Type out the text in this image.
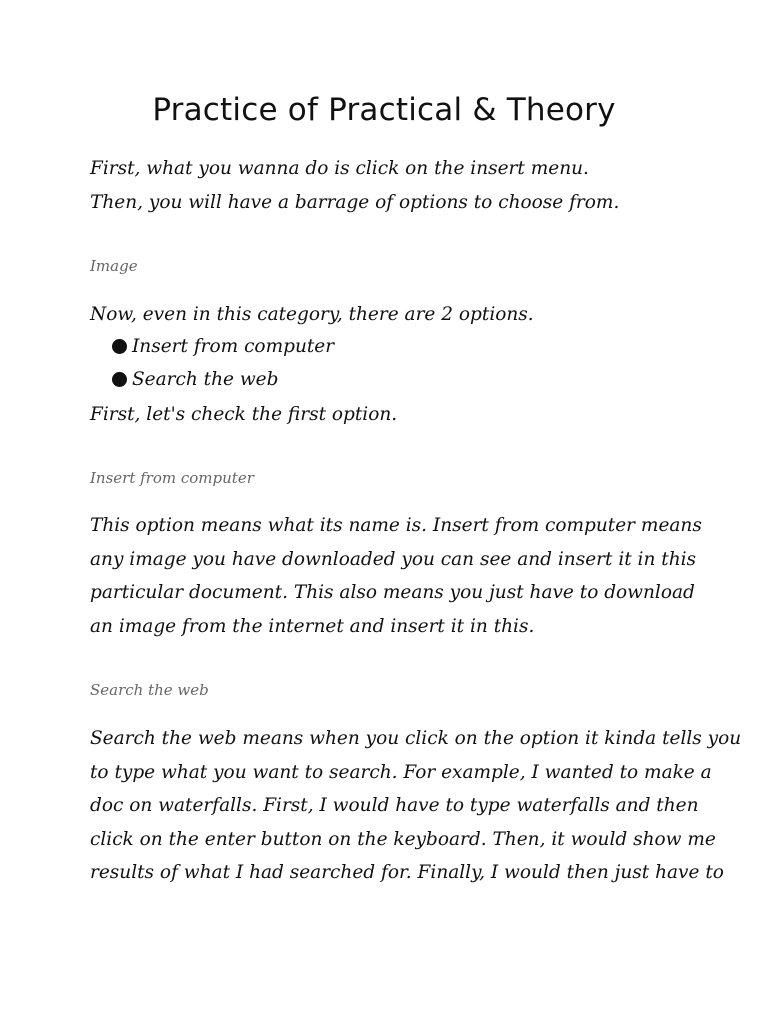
Practice of Practical & Theory
First, what you wanna do is click on the insert menu.
Then, you will have a barrage of options to choose from.
Image
Now, even in this category, there are 2 options.
Insert from computer
Search the web
First, let's check the first option.
Insert from computer
This option means what its name is. Insert from computer means
any image you have downloaded you can see and insert it in this
particular document. This also means you just have to download
an image from the internet and insert it in this.
Search the web
Search the web means when you click on the option it kinda tells you
to type what you want to search. For example, I wanted to make a
doc on waterfalls. First, I would have to type waterfalls and then
click on the enter button on the keyboard. Then, it would show me
results of what I had searched for. Finally, I would then just have to
